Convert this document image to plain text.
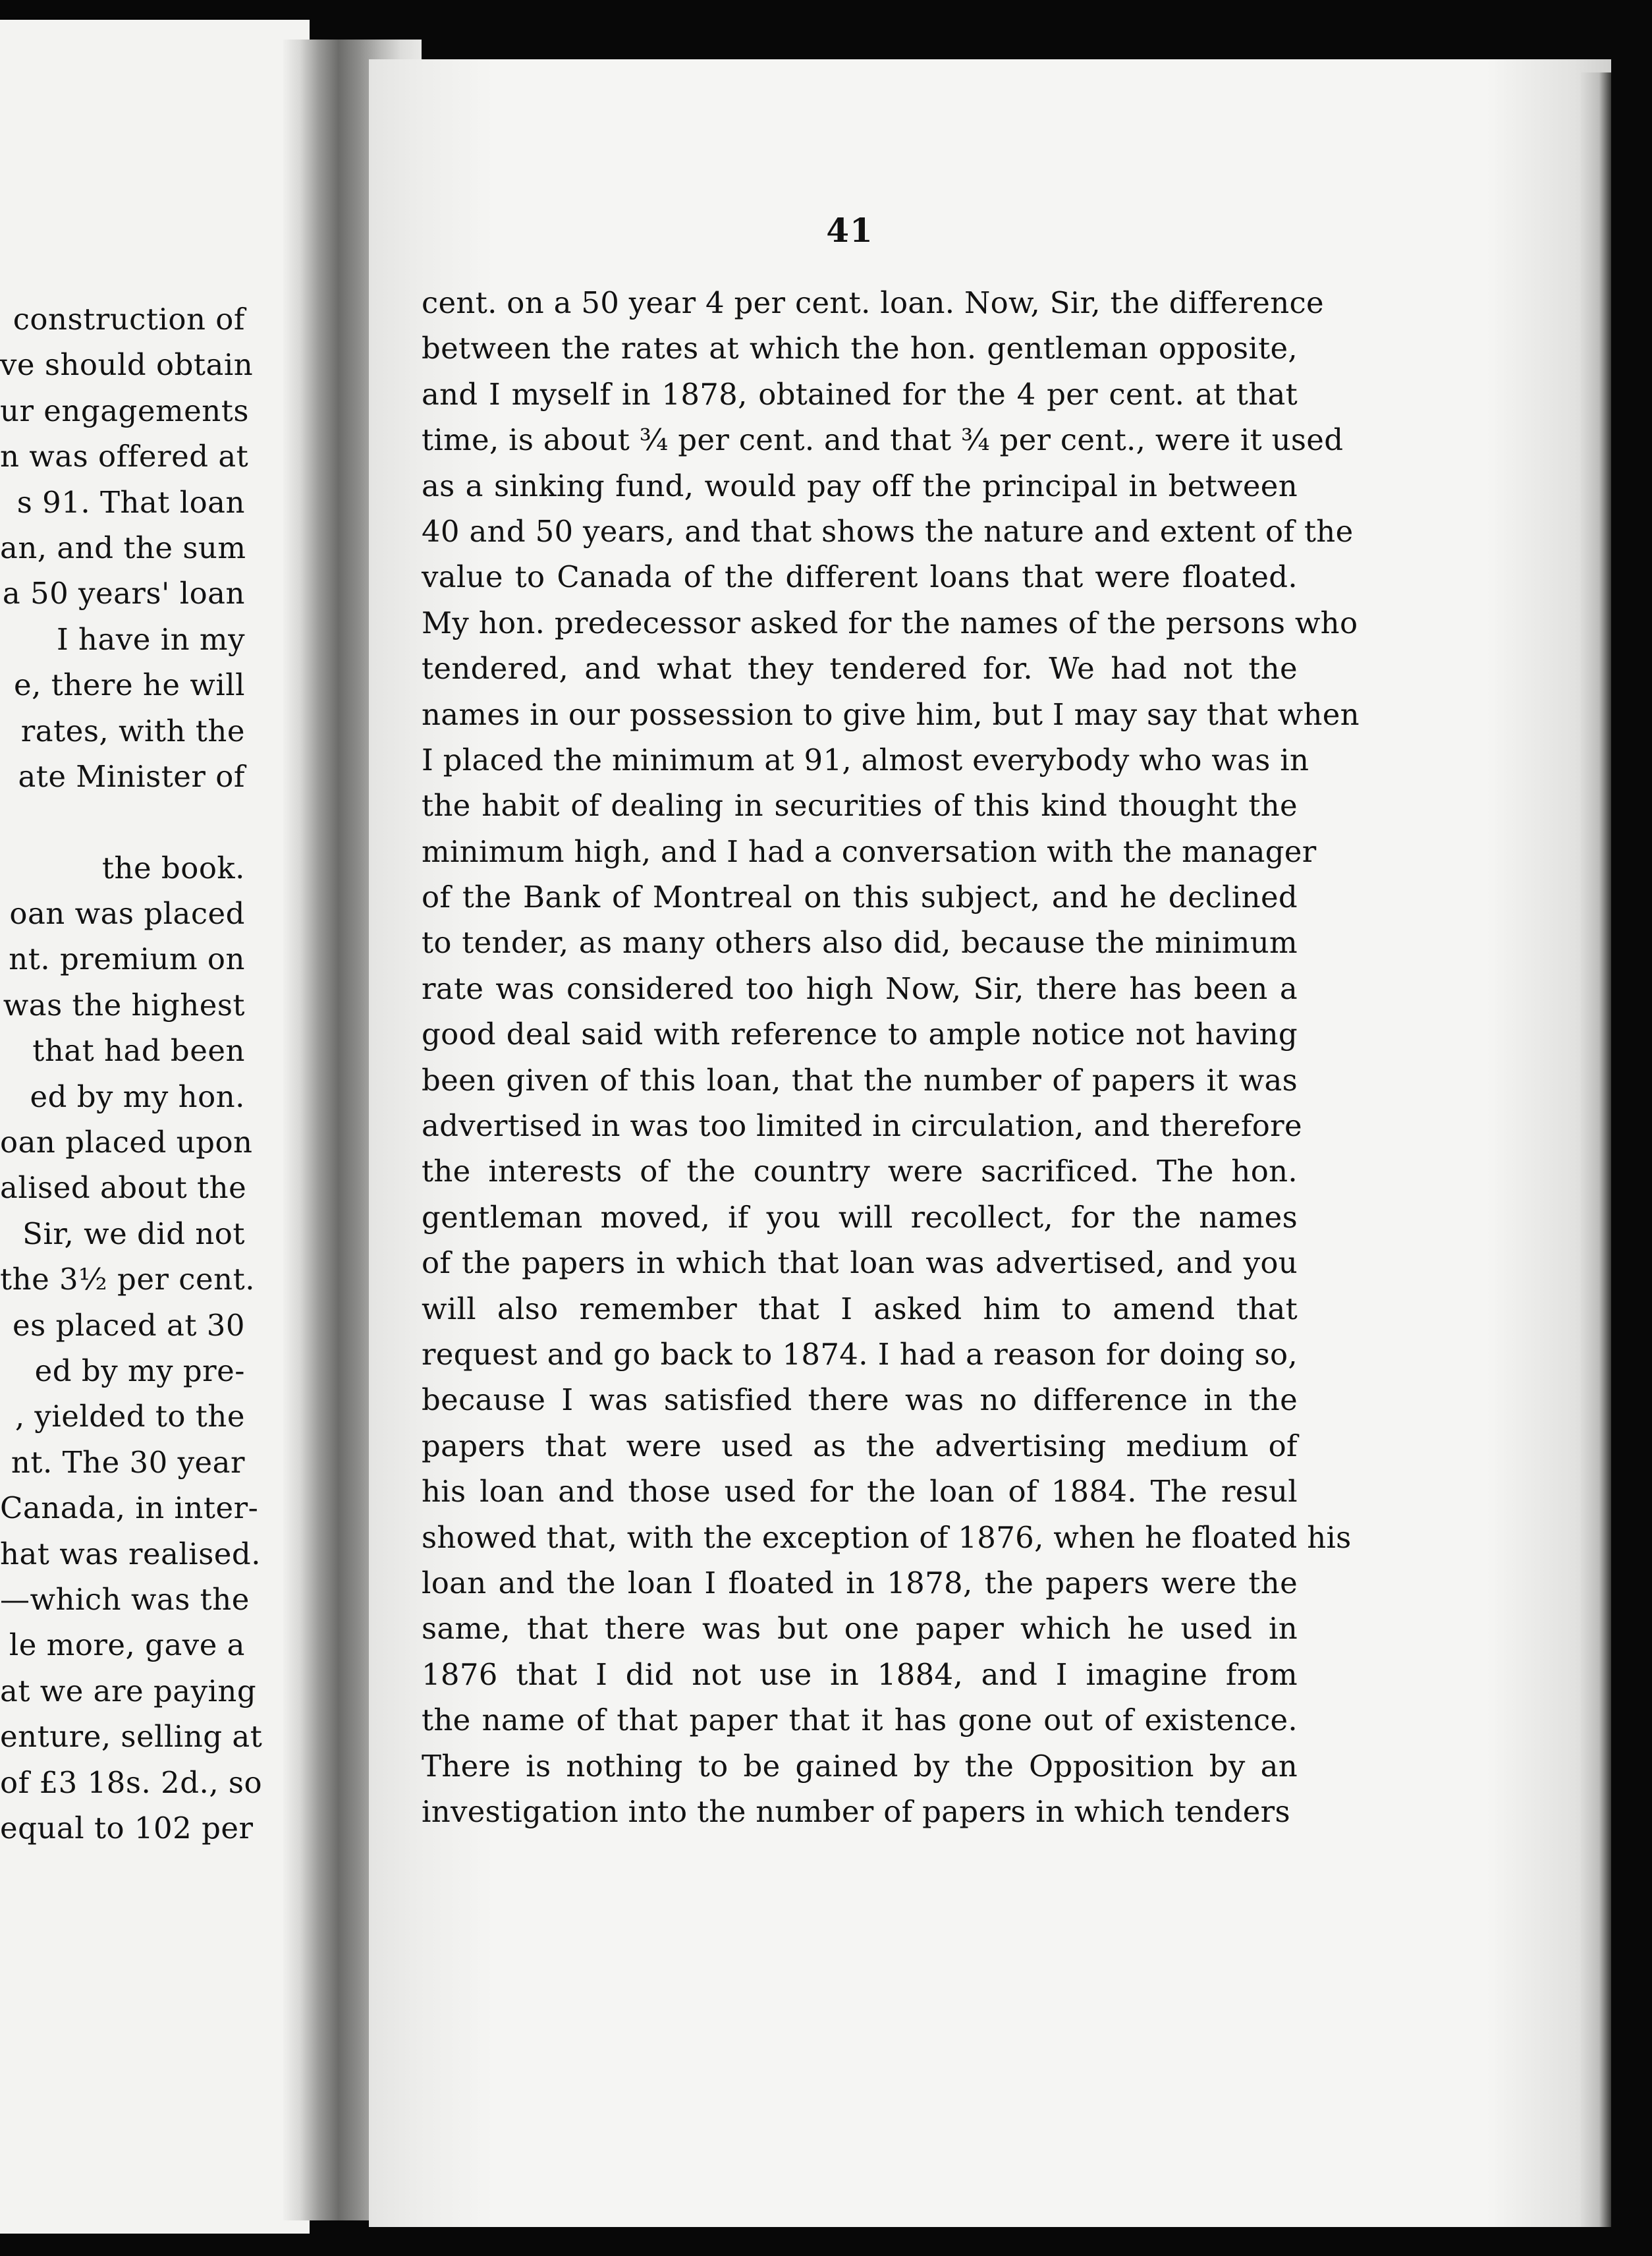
construction of
ve should obtain
ur engagements
n was offered at
s 91. That loan
an, and the sum
a 50 years' loan
I have in my
e, there he will
rates, with the
ate Minister of
the book.
oan was placed
nt. premium on
was the highest
that had been
ed by my hon.
oan placed upon
alised about the
Sir, we did not
the 3½ per cent.
es placed at 30
ed by my pre-
, yielded to the
nt. The 30 year
Canada, in inter-
hat was realised.
—which was the
le more, gave a
at we are paying
enture, selling at
of £3 18s. 2d., so
equal to 102 per
41
cent. on a 50 year 4 per cent. loan. Now, Sir, the difference
between the rates at which the hon. gentleman opposite,
and I myself in 1878, obtained for the 4 per cent. at that
time, is about ¾ per cent. and that ¾ per cent., were it used
as a sinking fund, would pay off the principal in between
40 and 50 years, and that shows the nature and extent of the
value to Canada of the different loans that were floated.
My hon. predecessor asked for the names of the persons who
tendered, and what they tendered for. We had not the
names in our possession to give him, but I may say that when
I placed the minimum at 91, almost everybody who was in
the habit of dealing in securities of this kind thought the
minimum high, and I had a conversation with the manager
of the Bank of Montreal on this subject, and he declined
to tender, as many others also did, because the minimum
rate was considered too high Now, Sir, there has been a
good deal said with reference to ample notice not having
been given of this loan, that the number of papers it was
advertised in was too limited in circulation, and therefore
the interests of the country were sacrificed. The hon.
gentleman moved, if you will recollect, for the names
of the papers in which that loan was advertised, and you
will also remember that I asked him to amend that
request and go back to 1874. I had a reason for doing so,
because I was satisfied there was no difference in the
papers that were used as the advertising medium of
his loan and those used for the loan of 1884. The resul
showed that, with the exception of 1876, when he floated his
loan and the loan I floated in 1878, the papers were the
same, that there was but one paper which he used in
1876 that I did not use in 1884, and I imagine from
the name of that paper that it has gone out of existence.
There is nothing to be gained by the Opposition by an
investigation into the number of papers in which tenders
